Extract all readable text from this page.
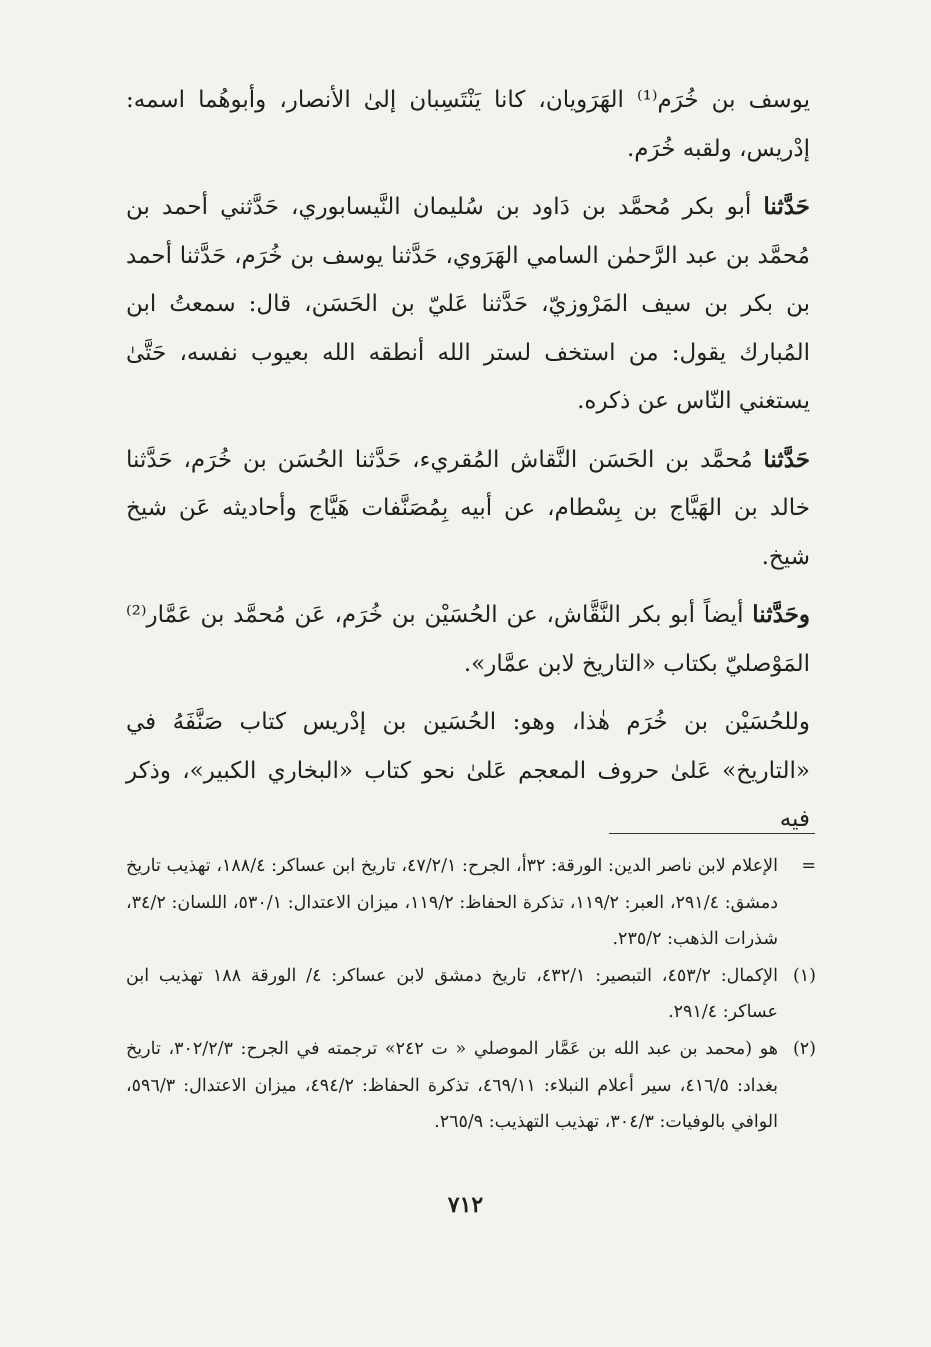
يوسف بن خُرَم⁽¹⁾ الهَرَويان، كانا يَنْتَسِبان إلىٰ الأنصار، وأبوهُما اسمه: إدْريس، ولقبه خُرَم.

حَدَّثنا أبو بكر مُحمَّد بن دَاود بن سُليمان النَّيسابوري، حَدَّثني أحمد بن مُحمَّد بن عبد الرَّحمٰن السامي الهَرَوي، حَدَّثنا يوسف بن خُرَم، حَدَّثنا أحمد بن بكر بن سيف المَرْوزيّ، حَدَّثنا عَليّ بن الحَسَن، قال: سمعتُ ابن المُبارك يقول: من استخف لستر الله أنطقه الله بعيوب نفسه، حَتَّىٰ يستغني النّاس عن ذكره.

حَدَّثنا مُحمَّد بن الحَسَن النَّقاش المُقريء، حَدَّثنا الحُسَن بن خُرَم، حَدَّثنا خالد بن الهَيَّاج بن بِسْطام، عن أبيه بِمُصَنَّفات هَيَّاج وأحاديثه عَن شيخ شيخ.

وحَدَّثنا أيضاً أبو بكر النَّقَّاش، عن الحُسَيْن بن خُرَم، عَن مُحمَّد بن عَمَّار⁽²⁾ المَوْصليّ بكتاب «التاريخ لابن عمَّار».

وللحُسَيْن بن خُرَم هٰذا، وهو: الحُسَين بن إدْريس كتاب صَنَّفَهُ في «التاريخ» عَلىٰ حروف المعجم عَلىٰ نحو كتاب «البخاري الكبير»، وذكر فيه

=

الإعلام لابن ناصر الدين: الورقة: ٣٢أ، الجرح: ٤٧/٢/١، تاريخ ابن عساكر: ١٨٨/٤، تهذيب تاريخ دمشق: ٢٩١/٤، العبر: ١١٩/٢، تذكرة الحفاظ: ١١٩/٢، ميزان الاعتدال: ٥٣٠/١، اللسان: ٣٤/٢، شذرات الذهب: ٢٣٥/٢.

(١)

الإكمال: ٤٥٣/٢، التبصير: ٤٣٢/١، تاريخ دمشق لابن عساكر: ٤/ الورقة ١٨٨ تهذيب ابن عساكر: ٢٩١/٤.

(٢)

هو (محمد بن عبد الله بن عَمَّار الموصلي « ت ٢٤٢» ترجمته في الجرح: ٣٠٢/٢/٣، تاريخ بغداد: ٤١٦/٥، سير أعلام النبلاء: ٤٦٩/١١، تذكرة الحفاظ: ٤٩٤/٢، ميزان الاعتدال: ٥٩٦/٣، الوافي بالوفيات: ٣٠٤/٣، تهذيب التهذيب: ٢٦٥/٩.

٧١٢
